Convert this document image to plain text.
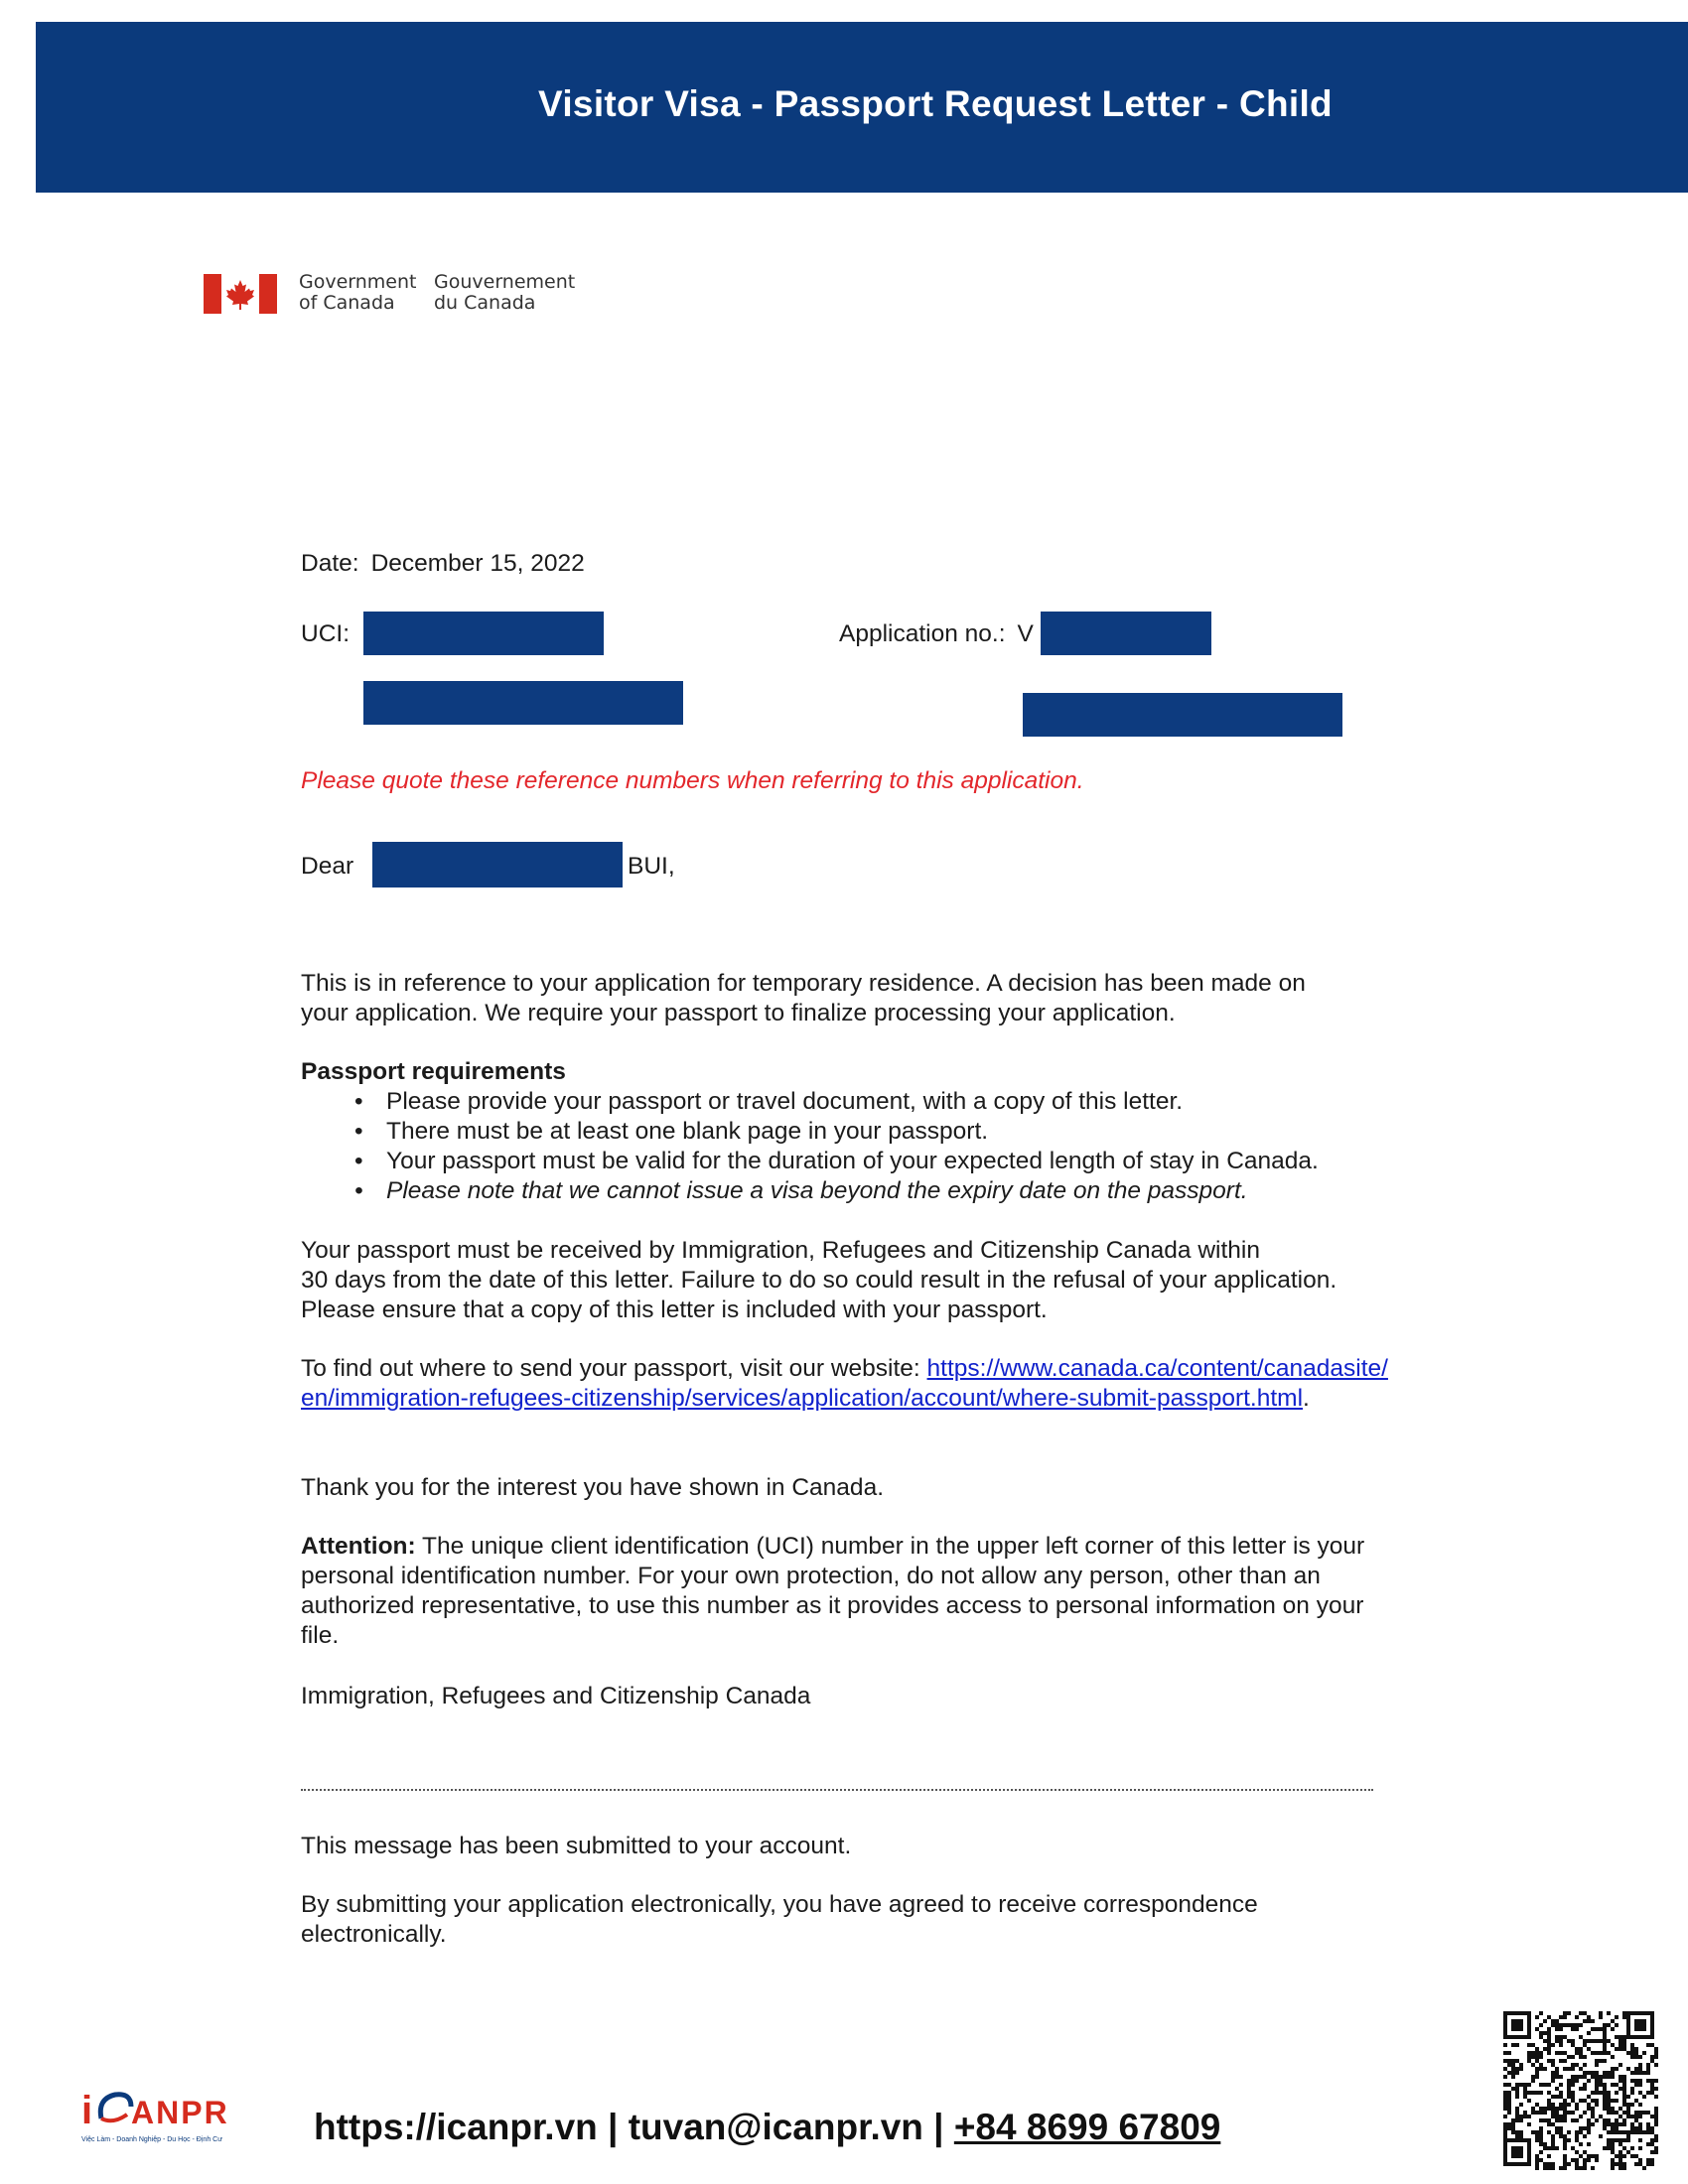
Visitor Visa - Passport Request Letter - Child
Government
of Canada
Gouvernement
du Canada
Date: December 15, 2022
UCI:	Application no.: V
Please quote these reference numbers when referring to this application.
Dear	BUI,
This is in reference to your application for temporary residence. A decision has been made on your application. We require your passport to finalize processing your application.
Passport requirements
• Please provide your passport or travel document, with a copy of this letter.
• There must be at least one blank page in your passport.
• Your passport must be valid for the duration of your expected length of stay in Canada.
• Please note that we cannot issue a visa beyond the expiry date on the passport.
Your passport must be received by Immigration, Refugees and Citizenship Canada within
30 days from the date of this letter. Failure to do so could result in the refusal of your application.
Please ensure that a copy of this letter is included with your passport.
To find out where to send your passport, visit our website: https://www.canada.ca/content/canadasite/
en/immigration-refugees-citizenship/services/application/account/where-submit-passport.html.
Thank you for the interest you have shown in Canada.
Attention: The unique client identification (UCI) number in the upper left corner of this letter is your personal identification number. For your own protection, do not allow any person, other than an authorized representative, to use this number as it provides access to personal information on your file.
Immigration, Refugees and Citizenship Canada
This message has been submitted to your account.
By submitting your application electronically, you have agreed to receive correspondence electronically.
i ANPR
Việc Làm - Doanh Nghiệp - Du Học - Định Cư https://icanpr.vn | tuvan@icanpr.vn | +84 8699 67809
